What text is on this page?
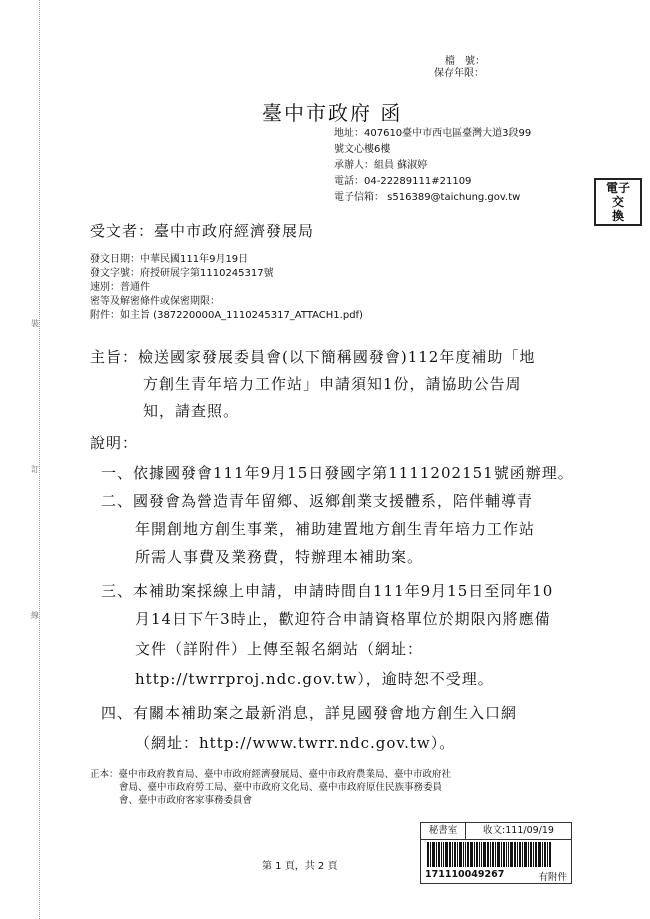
裝
訂
線
檔　號：
保存年限：
臺中市政府 函
地址：407610臺中市西屯區臺灣大道3段99
號文心樓6樓
承辦人：組員 蘇淑婷
電話：04-22289111#21109
電子信箱： s516389@taichung.gov.tw
電子
交
換
受文者：臺中市政府經濟發展局
發文日期：中華民國111年9月19日
發文字號：府授研展字第1110245317號
速別：普通件
密等及解密條件或保密期限：
附件：如主旨 (387220000A_1110245317_ATTACH1.pdf)
主旨：檢送國家發展委員會(以下簡稱國發會)112年度補助「地
方創生青年培力工作站」申請須知1份，請協助公告周
知，請查照。
說明：
一、依據國發會111年9月15日發國字第1111202151號函辦理。
二、國發會為營造青年留鄉、返鄉創業支援體系，陪伴輔導青
年開創地方創生事業，補助建置地方創生青年培力工作站
所需人事費及業務費，特辦理本補助案。
三、本補助案採線上申請，申請時間自111年9月15日至同年10
月14日下午3時止，歡迎符合申請資格單位於期限內將應備
文件（詳附件）上傳至報名網站（網址：
http://twrrproj.ndc.gov.tw），逾時恕不受理。
四、有關本補助案之最新消息，詳見國發會地方創生入口網
（網址：http://www.twrr.ndc.gov.tw）。
正本：臺中市政府教育局、臺中市政府經濟發展局、臺中市政府農業局、臺中市政府社
會局、臺中市政府勞工局、臺中市政府文化局、臺中市政府原住民族事務委員
會、臺中市政府客家事務委員會
秘書室	收文:111/09/19
17111004926​7	有附件
第 1 頁，共 2 頁
